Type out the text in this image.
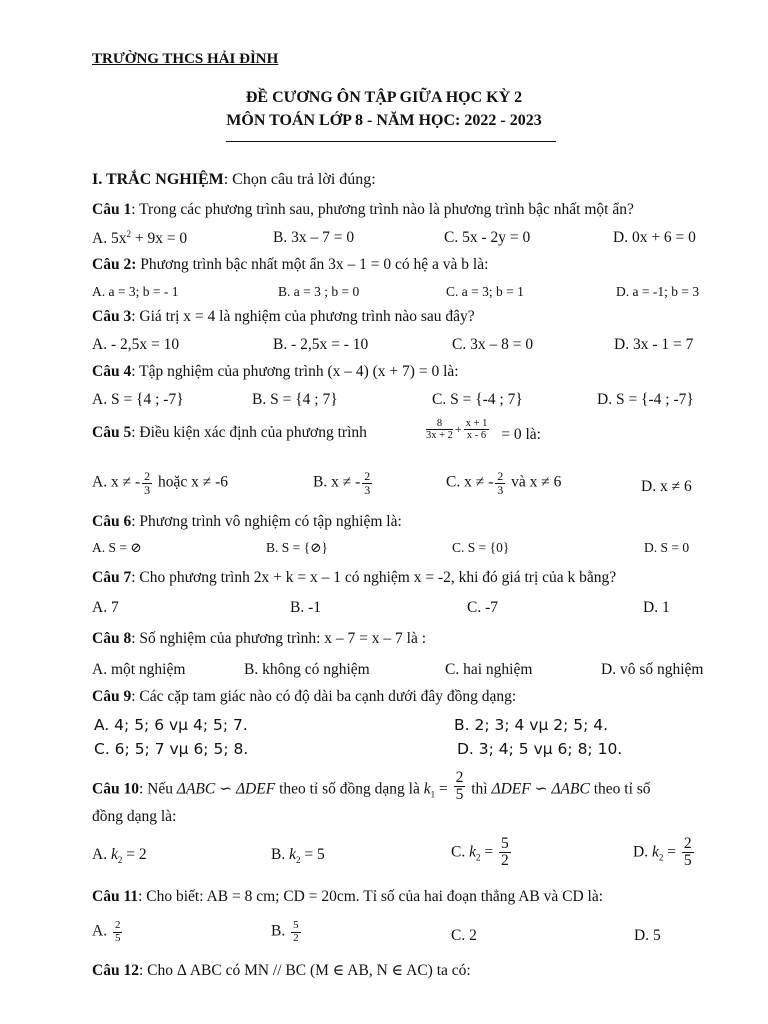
TRƯỜNG THCS HẢI ĐÌNH
ĐỀ CƯƠNG ÔN TẬP GIỮA HỌC KỲ 2
MÔN TOÁN LỚP 8 - NĂM HỌC: 2022 - 2023
I. TRẮC NGHIỆM: Chọn câu trả lời đúng:
Câu 1: Trong các phương trình sau, phương trình nào là phương trình bậc nhất một ẩn?
A. $5x^2 + 9x = 0$	B. 3x – 7 = 0	C. 5x - 2y = 0	D. 0x + 6 = 0
Câu 2: Phương trình bậc nhất một ẩn 3x – 1 = 0 có hệ a và b là:
A. a = 3; b = - 1	B. a = 3 ; b = 0	C. a = 3; b = 1	D. a = -1; b = 3
Câu 3: Giá trị x = 4 là nghiệm của phương trình nào sau đây?
A. - 2,5x = 10	B. - 2,5x = - 10	C. 3x – 8 = 0	D. 3x - 1 = 7
Câu 4: Tập nghiệm của phương trình (x – 4) (x + 7) = 0 là:
A. S = {4 ; -7}	B. S = {4 ; 7}	C. S = {-4 ; 7}	D. S = {-4 ; -7}
Câu 5: Điều kiện xác định của phương trình	$\frac{8}{3x + 2} ^+ \frac{x + 1}{x - 6} = 0$ là:
A. x ≠ - $\frac{2}{3}$ hoặc x ≠ -6	B. x ≠ - $\frac{2}{3}$	C. x ≠ - $\frac{2}{3}$ và x ≠ 6	D. x ≠ 6
Câu 6: Phương trình vô nghiệm có tập nghiệm là:
A. S = ⊘	B. S = {⊘}	C. S = {0}	D. S = 0
Câu 7: Cho phương trình 2x + k = x – 1 có nghiệm x = -2, khi đó giá trị của k bằng?
A. 7	B. -1	C. -7	D. 1
Câu 8: Số nghiệm của phương trình: x – 7 = x – 7 là :
A. một nghiệm	B. không có nghiệm	C. hai nghiệm	D. vô số nghiệm
Câu 9: Các cặp tam giác nào có độ dài ba cạnh dưới đây đồng dạng:
A. 4; 5; 6 vµ 4; 5; 7.	B. 2; 3; 4 vµ 2; 5; 4.
C. 6; 5; 7 vµ 6; 5; 8.	D. 3; 4; 5 vµ 6; 8; 10.
Câu 10: Nếu ΔABC ∽ ΔDEF theo tỉ số đồng dạng là $k_1 = \frac{2}{5}$ thì ΔDEF ∽ ΔABC theo tỉ số
đồng dạng là:
A. $k_2 = 2$	B. $k_2 = 5$	C. $k_2 = \frac{5}{2}$	D. $k_2 = \frac{2}{5}$
Câu 11: Cho biết: AB = 8 cm; CD = 20cm. Tỉ số của hai đoạn thẳng AB và CD là:
A. $\frac{2}{5}$	B. $\frac{5}{2}$	C. 2	D. 5
Câu 12: Cho Δ ABC có MN // BC (M ∈ AB, N ∈ AC) ta có:
